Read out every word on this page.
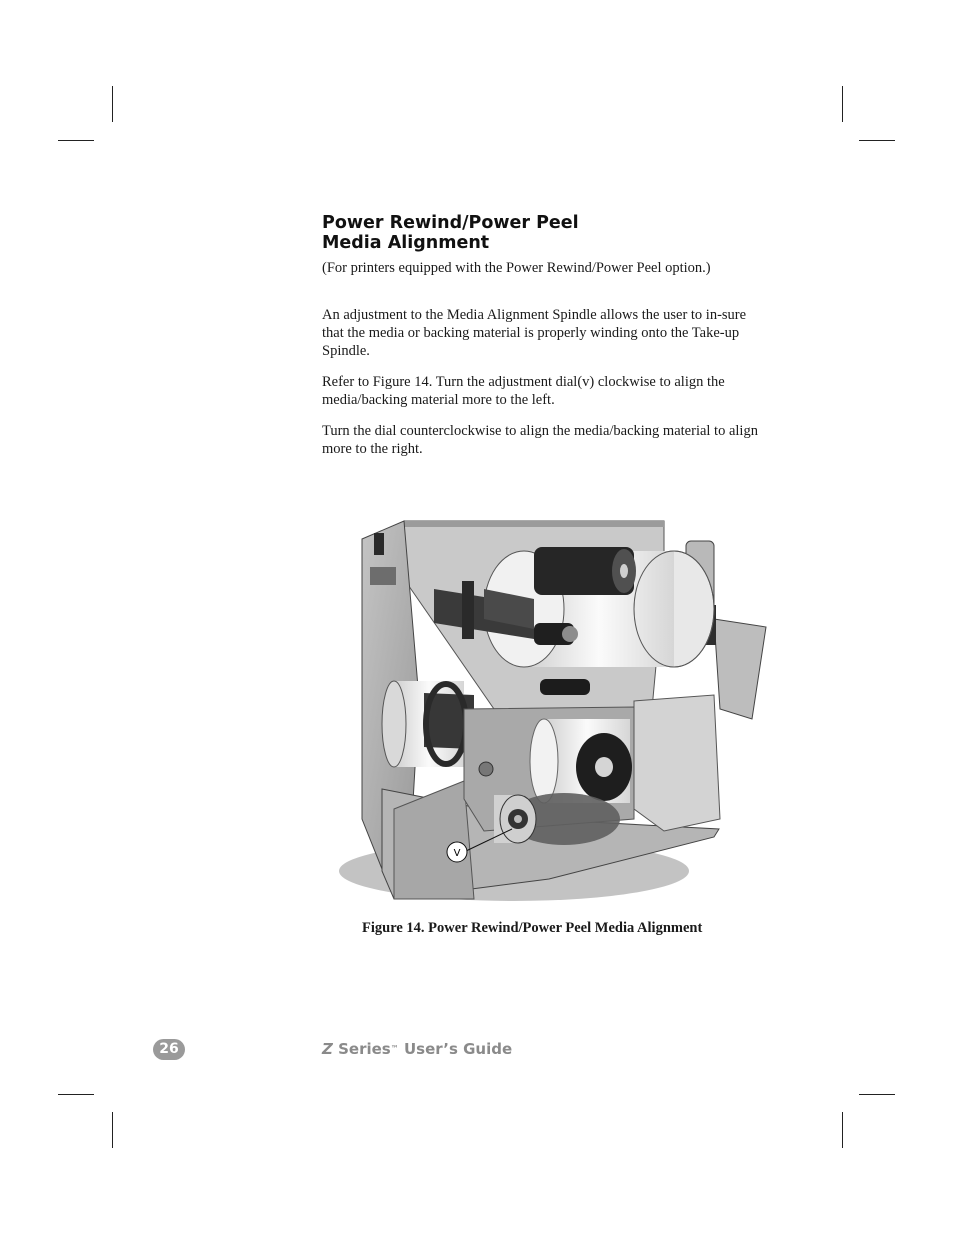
Power Rewind/Power Peel
Media Alignment

(For printers equipped with the Power Rewind/Power Peel option.)

An adjustment to the Media Alignment Spindle allows the user to in-sure that the media or backing material is properly winding onto the Take-up Spindle.

Refer to Figure 14. Turn the adjustment dial(v) clockwise to align the media/backing material more to the left.

Turn the dial counterclockwise to align the media/backing material to align more to the right.

V
Figure 14. Power Rewind/Power Peel Media Alignment
26	Z Series™ User’s Guide
